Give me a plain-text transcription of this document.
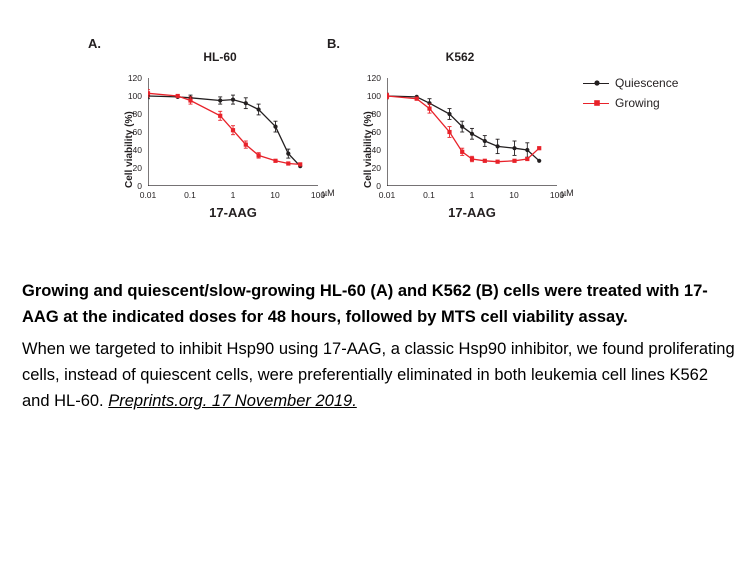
A.
HL-60
Cell viability (%)
120
100
80
60
40
20
0
0.01	0.1	1	10	100
µM
17-AAG
B.
K562
Cell viability (%)
120
100
80
60
40
20
0
0.01	0.1	1	10	100
µM
17-AAG
Quiescence
Growing

Growing and quiescent/slow-growing HL-60 (A) and K562 (B) cells were treated with 17-AAG at the indicated doses for 48 hours, followed by MTS cell viability assay.

When we targeted to inhibit Hsp90 using 17-AAG, a classic Hsp90 inhibitor, we found proliferating cells, instead of quiescent cells, were preferentially eliminated in both leukemia cell lines K562 and HL-60. Preprints.org. 17 November 2019.
